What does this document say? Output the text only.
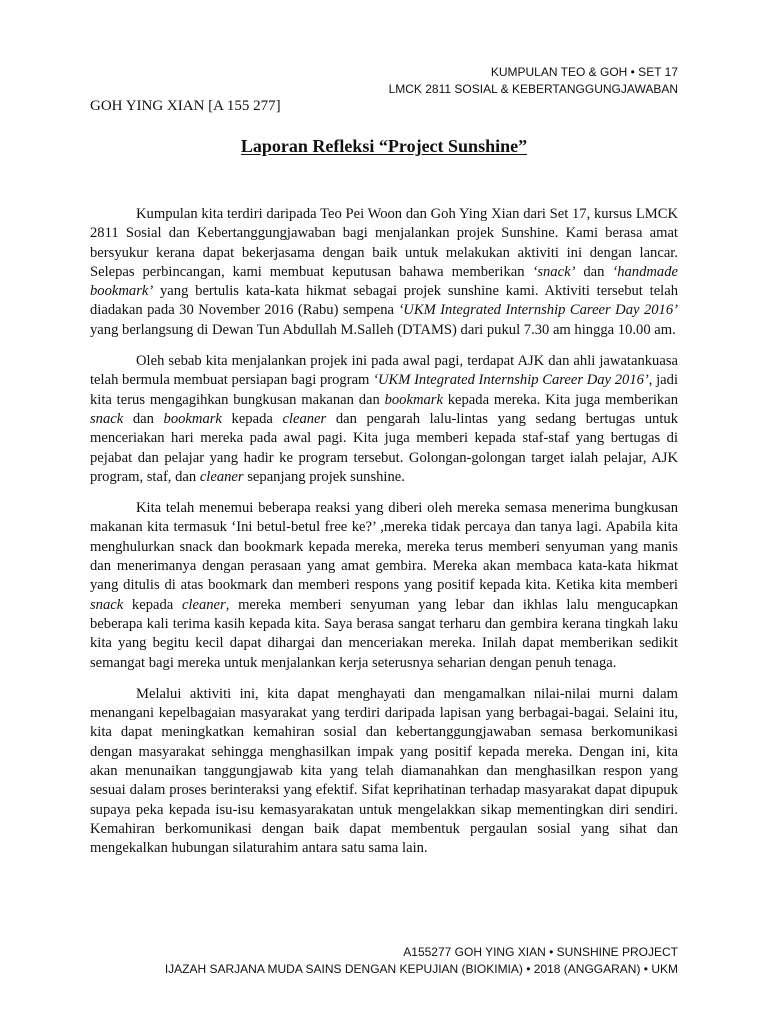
KUMPULAN TEO & GOH • SET 17
LMCK 2811 SOSIAL & KEBERTANGGUNGJAWABAN
GOH YING XIAN [A 155 277]
Laporan Refleksi “Project Sunshine”

Kumpulan kita terdiri daripada Teo Pei Woon dan Goh Ying Xian dari Set 17, kursus LMCK 2811 Sosial dan Kebertanggungjawaban bagi menjalankan projek Sunshine. Kami berasa amat bersyukur kerana dapat bekerjasama dengan baik untuk melakukan aktiviti ini dengan lancar. Selepas perbincangan, kami membuat keputusan bahawa memberikan ‘snack’ dan ‘handmade bookmark’ yang bertulis kata-kata hikmat sebagai projek sunshine kami. Aktiviti tersebut telah diadakan pada 30 November 2016 (Rabu) sempena ‘UKM Integrated Internship Career Day 2016’ yang berlangsung di Dewan Tun Abdullah M.Salleh (DTAMS) dari pukul 7.30 am hingga 10.00 am.

Oleh sebab kita menjalankan projek ini pada awal pagi, terdapat AJK dan ahli jawatankuasa telah bermula membuat persiapan bagi program ‘UKM Integrated Internship Career Day 2016’, jadi kita terus mengagihkan bungkusan makanan dan bookmark kepada mereka. Kita juga memberikan snack dan bookmark kepada cleaner dan pengarah lalu-lintas yang sedang bertugas untuk menceriakan hari mereka pada awal pagi. Kita juga memberi kepada staf-staf yang bertugas di pejabat dan pelajar yang hadir ke program tersebut. Golongan-golongan target ialah pelajar, AJK program, staf, dan cleaner sepanjang projek sunshine.

Kita telah menemui beberapa reaksi yang diberi oleh mereka semasa menerima bungkusan makanan kita termasuk ‘Ini betul-betul free ke?’ ,mereka tidak percaya dan tanya lagi. Apabila kita menghulurkan snack dan bookmark kepada mereka, mereka terus memberi senyuman yang manis dan menerimanya dengan perasaan yang amat gembira. Mereka akan membaca kata-kata hikmat yang ditulis di atas bookmark dan memberi respons yang positif kepada kita. Ketika kita memberi snack kepada cleaner, mereka memberi senyuman yang lebar dan ikhlas lalu mengucapkan beberapa kali terima kasih kepada kita. Saya berasa sangat terharu dan gembira kerana tingkah laku kita yang begitu kecil dapat dihargai dan menceriakan mereka. Inilah dapat memberikan sedikit semangat bagi mereka untuk menjalankan kerja seterusnya seharian dengan penuh tenaga.

Melalui aktiviti ini, kita dapat menghayati dan mengamalkan nilai-nilai murni dalam menangani kepelbagaian masyarakat yang terdiri daripada lapisan yang berbagai-bagai. Selaini itu, kita dapat meningkatkan kemahiran sosial dan kebertanggungjawaban semasa berkomunikasi dengan masyarakat sehingga menghasilkan impak yang positif kepada mereka. Dengan ini, kita akan menunaikan tanggungjawab kita yang telah diamanahkan dan menghasilkan respon yang sesuai dalam proses berinteraksi yang efektif. Sifat keprihatinan terhadap masyarakat dapat dipupuk supaya peka kepada isu-isu kemasyarakatan untuk mengelakkan sikap mementingkan diri sendiri. Kemahiran berkomunikasi dengan baik dapat membentuk pergaulan sosial yang sihat dan mengekalkan hubungan silaturahim antara satu sama lain.

A155277 GOH YING XIAN • SUNSHINE PROJECT
IJAZAH SARJANA MUDA SAINS DENGAN KEPUJIAN (BIOKIMIA) • 2018 (ANGGARAN) • UKM
